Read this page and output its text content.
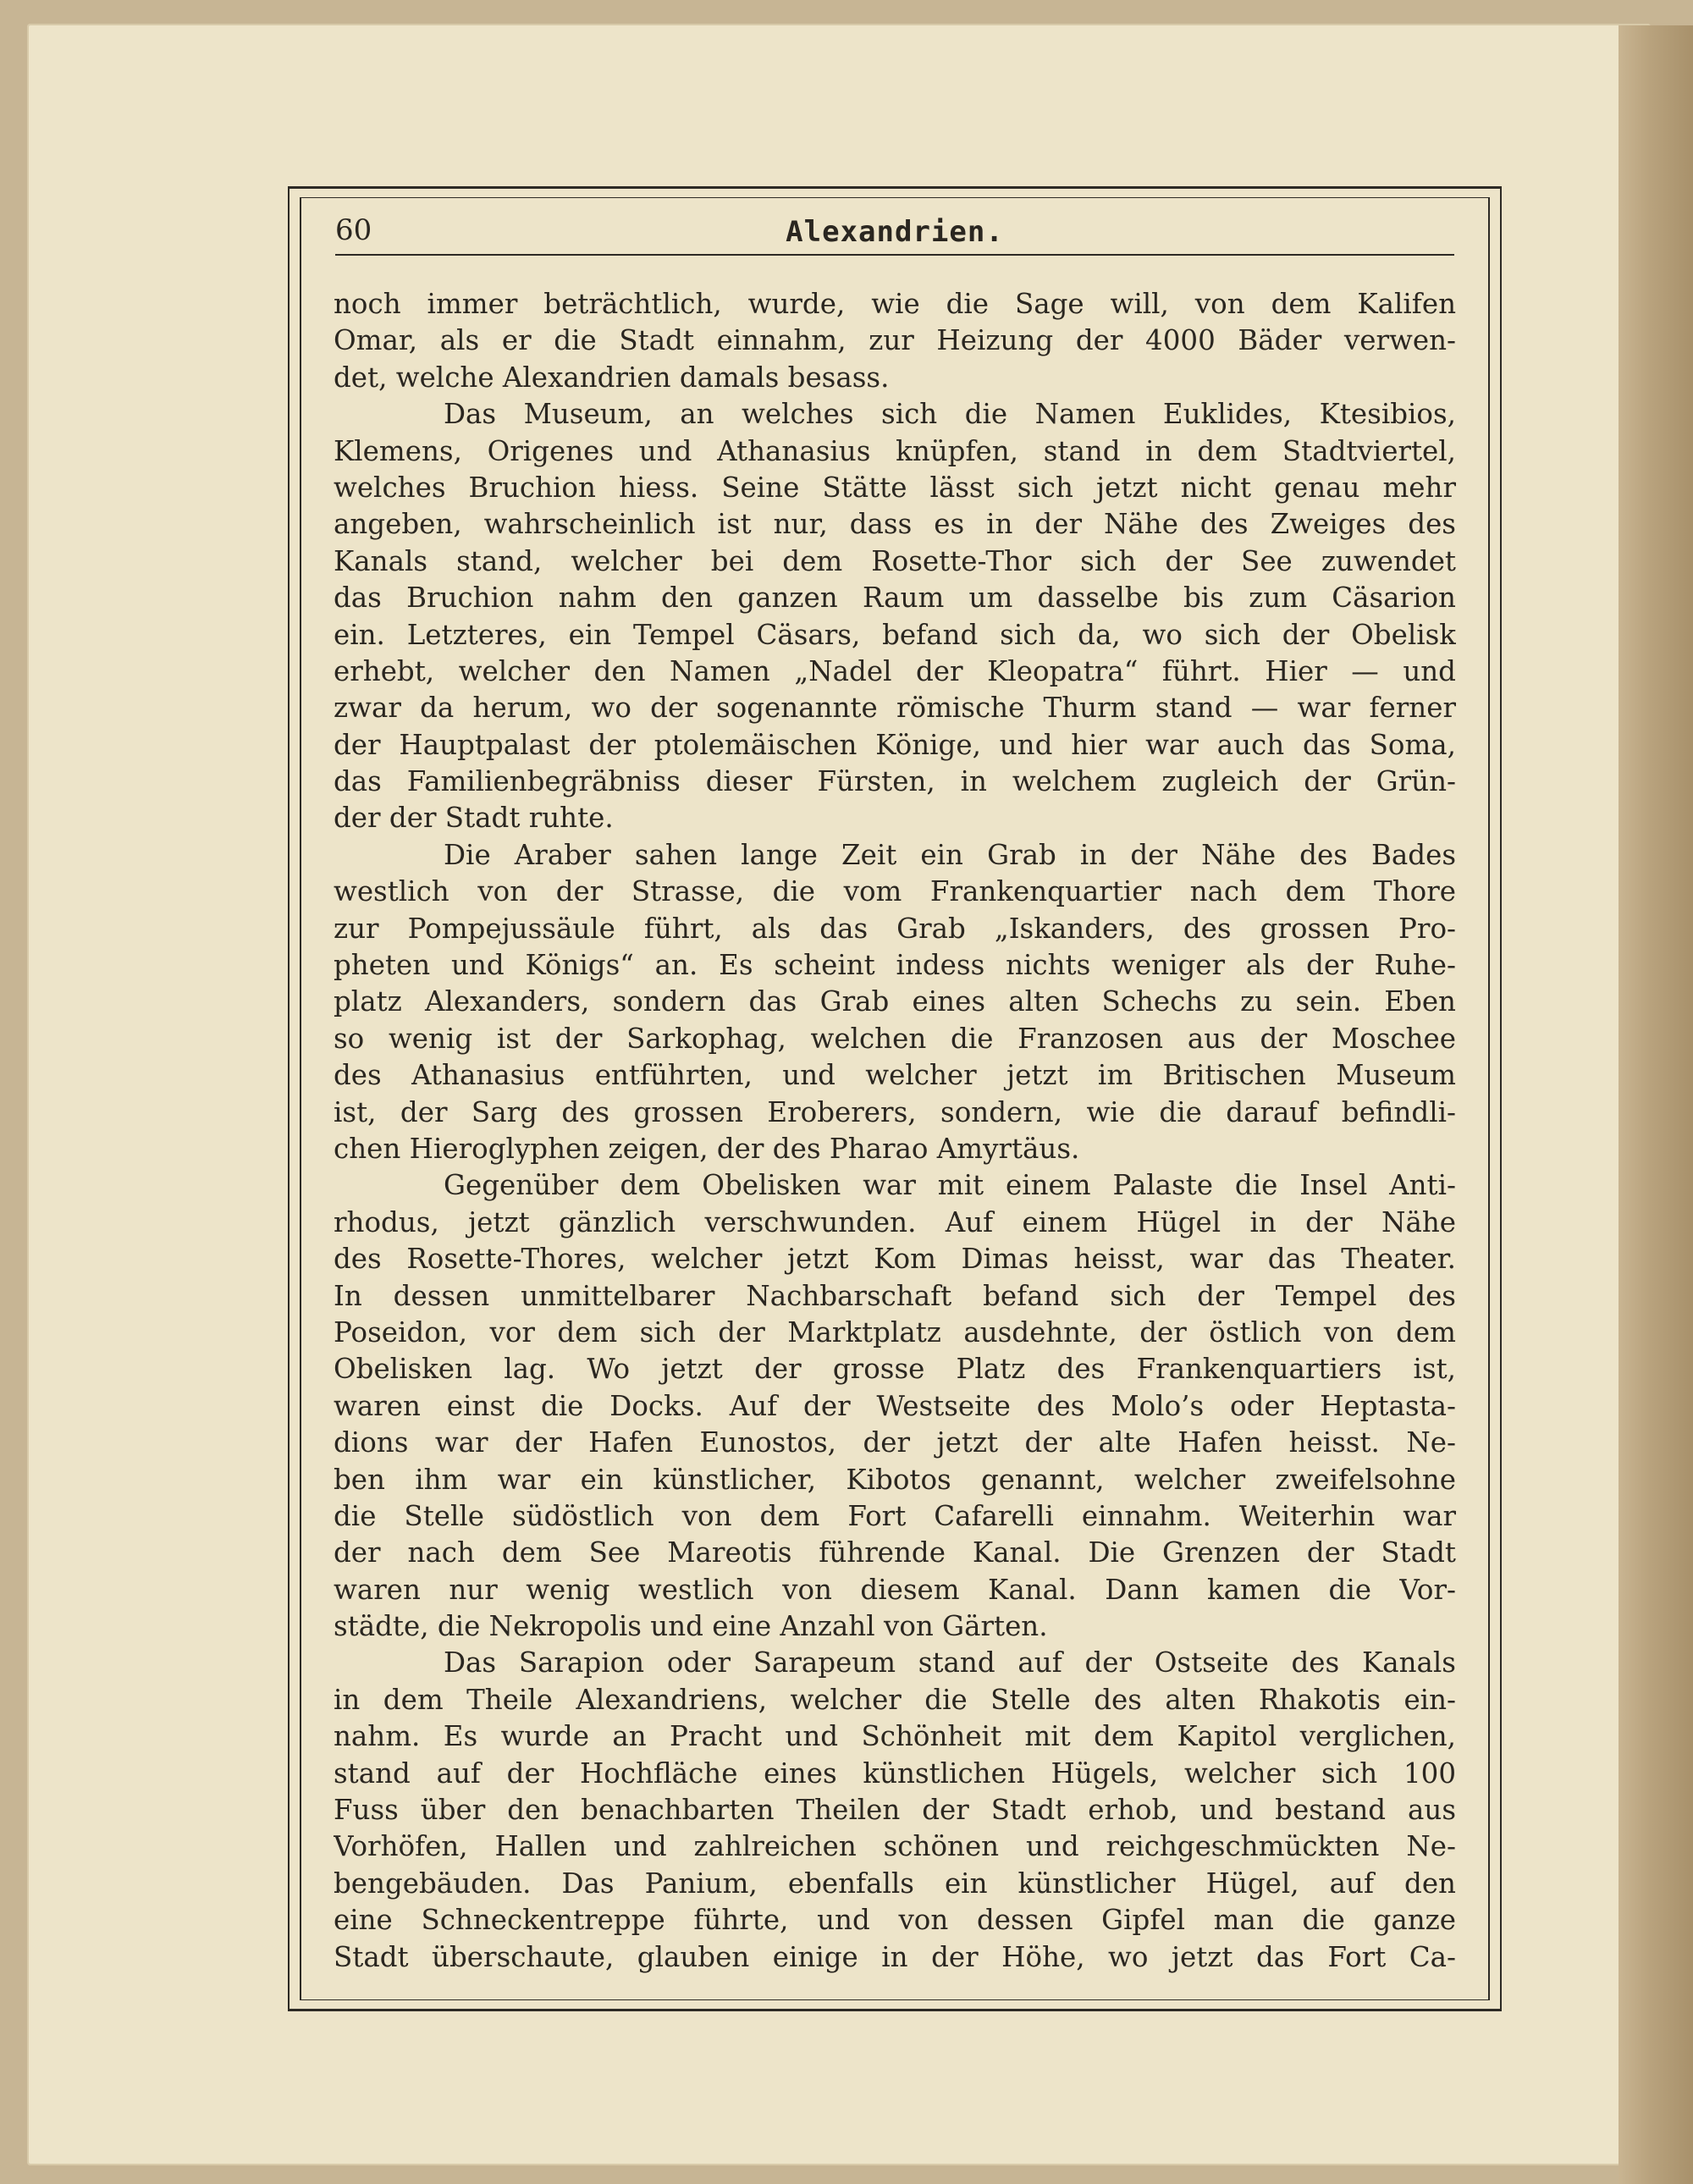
60	Alexandrien.
noch immer beträchtlich, wurde, wie die Sage will, von dem Kalifen
Omar, als er die Stadt einnahm, zur Heizung der 4000 Bäder verwen-
det, welche Alexandrien damals besass.
Das Museum, an welches sich die Namen Euklides, Ktesibios,
Klemens, Origenes und Athanasius knüpfen, stand in dem Stadtviertel,
welches Bruchion hiess. Seine Stätte lässt sich jetzt nicht genau mehr
angeben, wahrscheinlich ist nur, dass es in der Nähe des Zweiges des
Kanals stand, welcher bei dem Rosette-Thor sich der See zuwendet
das Bruchion nahm den ganzen Raum um dasselbe bis zum Cäsarion
ein. Letzteres, ein Tempel Cäsars, befand sich da, wo sich der Obelisk
erhebt, welcher den Namen „Nadel der Kleopatra“ führt. Hier — und
zwar da herum, wo der sogenannte römische Thurm stand — war ferner
der Hauptpalast der ptolemäischen Könige, und hier war auch das Soma,
das Familienbegräbniss dieser Fürsten, in welchem zugleich der Grün-
der der Stadt ruhte.
Die Araber sahen lange Zeit ein Grab in der Nähe des Bades
westlich von der Strasse, die vom Frankenquartier nach dem Thore
zur Pompejussäule führt, als das Grab „Iskanders, des grossen Pro-
pheten und Königs“ an. Es scheint indess nichts weniger als der Ruhe-
platz Alexanders, sondern das Grab eines alten Schechs zu sein. Eben
so wenig ist der Sarkophag, welchen die Franzosen aus der Moschee
des Athanasius entführten, und welcher jetzt im Britischen Museum
ist, der Sarg des grossen Eroberers, sondern, wie die darauf befindli-
chen Hieroglyphen zeigen, der des Pharao Amyrtäus.
Gegenüber dem Obelisken war mit einem Palaste die Insel Anti-
rhodus, jetzt gänzlich verschwunden. Auf einem Hügel in der Nähe
des Rosette-Thores, welcher jetzt Kom Dimas heisst, war das Theater.
In dessen unmittelbarer Nachbarschaft befand sich der Tempel des
Poseidon, vor dem sich der Marktplatz ausdehnte, der östlich von dem
Obelisken lag. Wo jetzt der grosse Platz des Frankenquartiers ist,
waren einst die Docks. Auf der Westseite des Molo’s oder Heptasta-
dions war der Hafen Eunostos, der jetzt der alte Hafen heisst. Ne-
ben ihm war ein künstlicher, Kibotos genannt, welcher zweifelsohne
die Stelle südöstlich von dem Fort Cafarelli einnahm. Weiterhin war
der nach dem See Mareotis führende Kanal. Die Grenzen der Stadt
waren nur wenig westlich von diesem Kanal. Dann kamen die Vor-
städte, die Nekropolis und eine Anzahl von Gärten.
Das Sarapion oder Sarapeum stand auf der Ostseite des Kanals
in dem Theile Alexandriens, welcher die Stelle des alten Rhakotis ein-
nahm. Es wurde an Pracht und Schönheit mit dem Kapitol verglichen,
stand auf der Hochfläche eines künstlichen Hügels, welcher sich 100
Fuss über den benachbarten Theilen der Stadt erhob, und bestand aus
Vorhöfen, Hallen und zahlreichen schönen und reichgeschmückten Ne-
bengebäuden. Das Panium, ebenfalls ein künstlicher Hügel, auf den
eine Schneckentreppe führte, und von dessen Gipfel man die ganze
Stadt überschaute, glauben einige in der Höhe, wo jetzt das Fort Ca-
